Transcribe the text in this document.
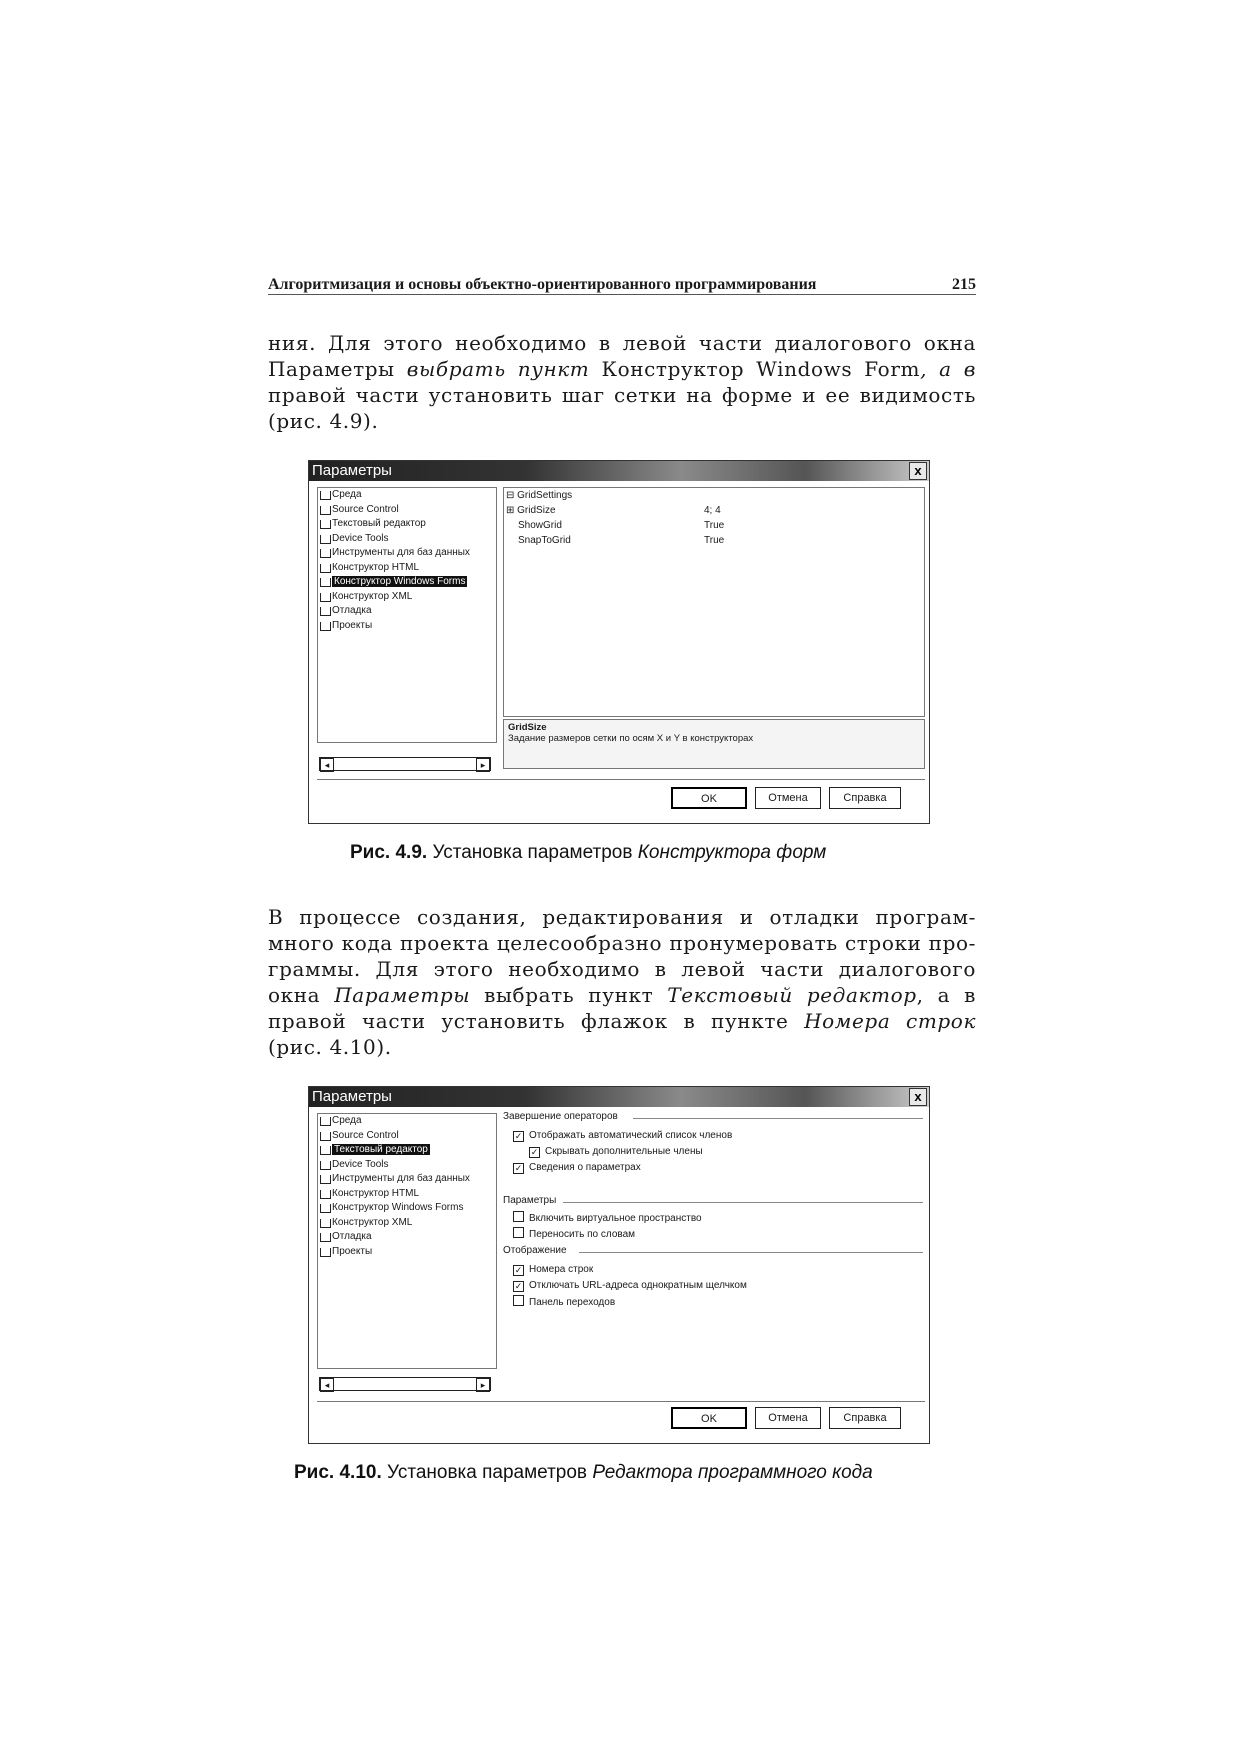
Алгоритмизация и основы объектно-ориентированного программирования	215
ния. Для этого необходимо в левой части диалогового окна
Параметры выбрать пункт Конструктор Windows Form, а в
правой части установить шаг сетки на форме и ее видимость
(рис. 4.9).
Параметры	x
Среда
Source Control
Текстовый редактор
Device Tools
Инструменты для баз данных
Конструктор HTML
Конструктор Windows Forms
Конструктор XML
Отладка
Проекты
◂	▸
⊟ GridSettings
⊞ GridSize	4; 4
ShowGrid	True
SnapToGrid	True
GridSize
Задание размеров сетки по осям X и Y в конструкторах
OK	Отмена	Справка
Рис. 4.9. Установка параметров Конструктора форм
В процессе создания, редактирования и отладки програм-
много кода проекта целесообразно пронумеровать строки про-
граммы. Для этого необходимо в левой части диалогового
окна Параметры выбрать пункт Текстовый редактор, а в
правой части установить флажок в пункте Номера строк
(рис. 4.10).
Параметры	x
Среда
Source Control
Текстовый редактор
Device Tools
Инструменты для баз данных
Конструктор HTML
Конструктор Windows Forms
Конструктор XML
Отладка
Проекты
◂	▸
Завершение операторов
✓ Отображать автоматический список членов
✓ Скрывать дополнительные члены
✓ Сведения о параметрах
Параметры
Включить виртуальное пространство
Переносить по словам
Отображение
✓ Номера строк
✓ Отключать URL-адреса однократным щелчком
Панель переходов
OK	Отмена	Справка
Рис. 4.10. Установка параметров Редактора программного кода
